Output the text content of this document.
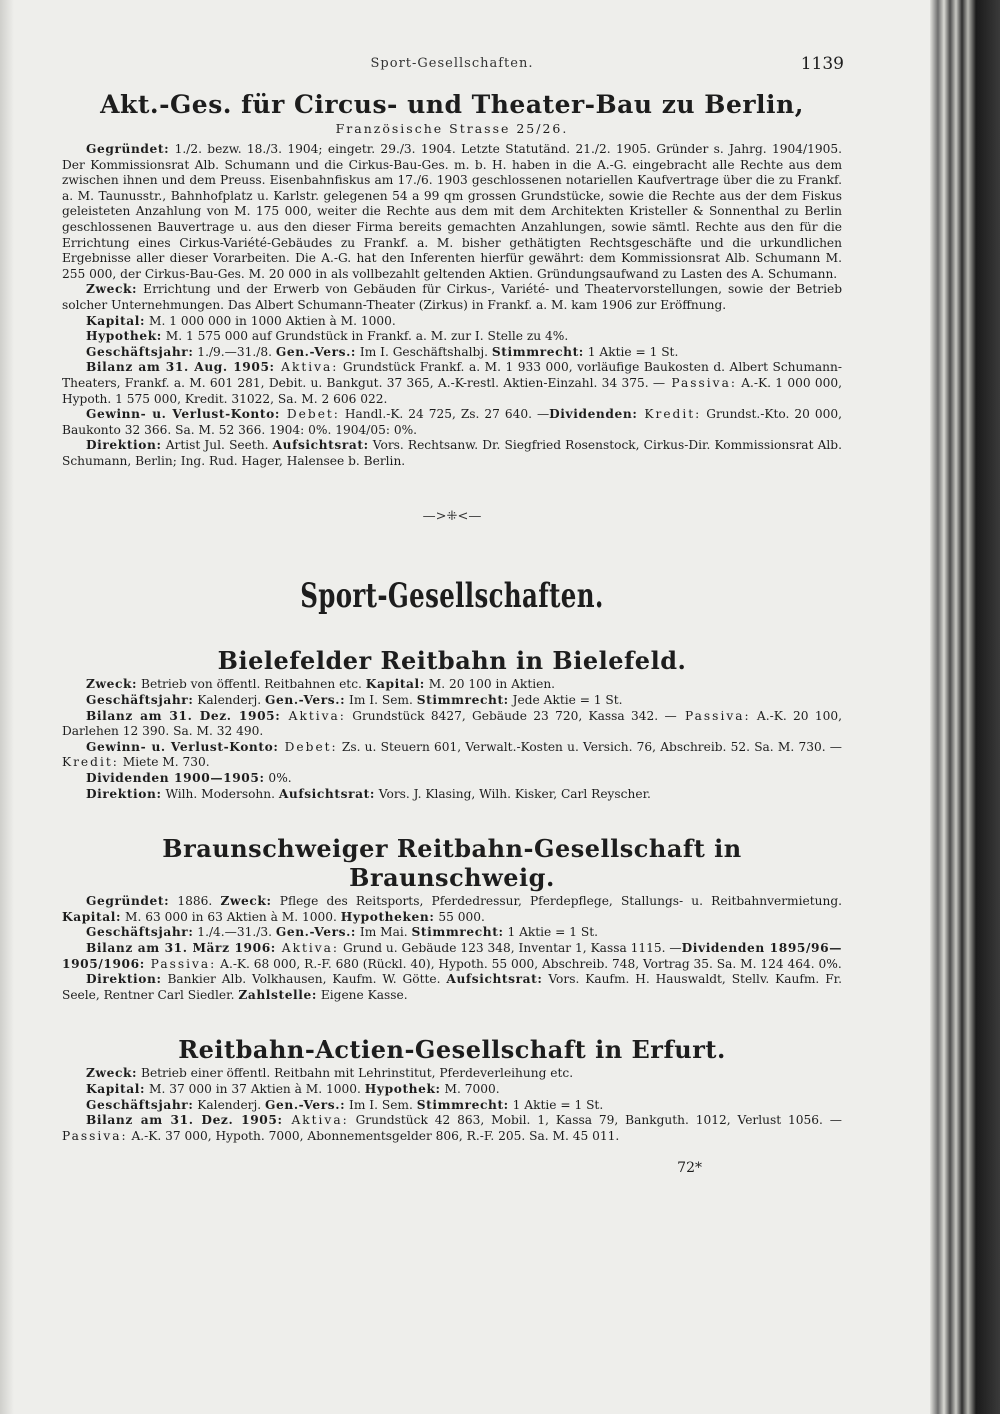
Sport-Gesellschaften.	1139
Akt.-Ges. für Circus- und Theater-Bau zu Berlin,
Französische Strasse 25/26.

Gegründet: 1./2. bezw. 18./3. 1904; eingetr. 29./3. 1904. Letzte Statutänd. 21./2. 1905. Gründer s. Jahrg. 1904/1905. Der Kommissionsrat Alb. Schumann und die Cirkus-Bau-Ges. m. b. H. haben in die A.-G. eingebracht alle Rechte aus dem zwischen ihnen und dem Preuss. Eisenbahnfiskus am 17./6. 1903 geschlossenen notariellen Kaufvertrage über die zu Frankf. a. M. Taunusstr., Bahnhofplatz u. Karlstr. gelegenen 54 a 99 qm grossen Grundstücke, sowie die Rechte aus der dem Fiskus geleisteten Anzahlung von M. 175 000, weiter die Rechte aus dem mit dem Architekten Kristeller & Sonnenthal zu Berlin geschlossenen Bauvertrage u. aus den dieser Firma bereits gemachten Anzahlungen, sowie sämtl. Rechte aus den für die Errichtung eines Cirkus-Variété-Gebäudes zu Frankf. a. M. bisher gethätigten Rechtsgeschäfte und die urkundlichen Ergebnisse aller dieser Vorarbeiten. Die A.-G. hat den Inferenten hierfür gewährt: dem Kommissionsrat Alb. Schumann M. 255 000, der Cirkus-Bau-Ges. M. 20 000 in als vollbezahlt geltenden Aktien. Gründungsaufwand zu Lasten des A. Schumann.

Zweck: Errichtung und der Erwerb von Gebäuden für Cirkus-, Variété- und Theatervorstellungen, sowie der Betrieb solcher Unternehmungen. Das Albert Schumann-Theater (Zirkus) in Frankf. a. M. kam 1906 zur Eröffnung.

Kapital: M. 1 000 000 in 1000 Aktien à M. 1000.

Hypothek: M. 1 575 000 auf Grundstück in Frankf. a. M. zur I. Stelle zu 4%.

Geschäftsjahr: 1./9.—31./8. Gen.-Vers.: Im I. Geschäftshalbj. Stimmrecht: 1 Aktie = 1 St.

Bilanz am 31. Aug. 1905: Aktiva: Grundstück Frankf. a. M. 1 933 000, vorläufige Baukosten d. Albert Schumann-Theaters, Frankf. a. M. 601 281, Debit. u. Bankgut. 37 365, A.-K-restl. Aktien-Einzahl. 34 375. — Passiva: A.-K. 1 000 000, Hypoth. 1 575 000, Kredit. 31022, Sa. M. 2 606 022.

Gewinn- u. Verlust-Konto: Debet: Handl.-K. 24 725, Zs. 27 640. —Dividenden: Kredit: Grundst.-Kto. 20 000, Baukonto 32 366. Sa. M. 52 366. 1904: 0%. 1904/05: 0%.

Direktion: Artist Jul. Seeth. Aufsichtsrat: Vors. Rechtsanw. Dr. Siegfried Rosenstock, Cirkus-Dir. Kommissionsrat Alb. Schumann, Berlin; Ing. Rud. Hager, Halensee b. Berlin.

—>⁜<—
Sport-Gesellschaften.
Bielefelder Reitbahn in Bielefeld.

Zweck: Betrieb von öffentl. Reitbahnen etc. Kapital: M. 20 100 in Aktien.

Geschäftsjahr: Kalenderj. Gen.-Vers.: Im I. Sem. Stimmrecht: Jede Aktie = 1 St.

Bilanz am 31. Dez. 1905: Aktiva: Grundstück 8427, Gebäude 23 720, Kassa 342. — Passiva: A.-K. 20 100, Darlehen 12 390. Sa. M. 32 490.

Gewinn- u. Verlust-Konto: Debet: Zs. u. Steuern 601, Verwalt.-Kosten u. Versich. 76, Abschreib. 52. Sa. M. 730. — Kredit: Miete M. 730.

Dividenden 1900—1905: 0%.

Direktion: Wilh. Modersohn. Aufsichtsrat: Vors. J. Klasing, Wilh. Kisker, Carl Reyscher.

Braunschweiger Reitbahn-Gesellschaft in Braunschweig.

Gegründet: 1886. Zweck: Pflege des Reitsports, Pferdedressur, Pferdepflege, Stallungs- u. Reitbahnvermietung. Kapital: M. 63 000 in 63 Aktien à M. 1000. Hypotheken: 55 000.

Geschäftsjahr: 1./4.—31./3. Gen.-Vers.: Im Mai. Stimmrecht: 1 Aktie = 1 St.

Bilanz am 31. März 1906: Aktiva: Grund u. Gebäude 123 348, Inventar 1, Kassa 1115. —Dividenden 1895/96—1905/1906: Passiva: A.-K. 68 000, R.-F. 680 (Rückl. 40), Hypoth. 55 000, Abschreib. 748, Vortrag 35. Sa. M. 124 464. 0%.

Direktion: Bankier Alb. Volkhausen, Kaufm. W. Götte. Aufsichtsrat: Vors. Kaufm. H. Hauswaldt, Stellv. Kaufm. Fr. Seele, Rentner Carl Siedler. Zahlstelle: Eigene Kasse.

Reitbahn-Actien-Gesellschaft in Erfurt.

Zweck: Betrieb einer öffentl. Reitbahn mit Lehrinstitut, Pferdeverleihung etc.

Kapital: M. 37 000 in 37 Aktien à M. 1000. Hypothek: M. 7000.

Geschäftsjahr: Kalenderj. Gen.-Vers.: Im I. Sem. Stimmrecht: 1 Aktie = 1 St.

Bilanz am 31. Dez. 1905: Aktiva: Grundstück 42 863, Mobil. 1, Kassa 79, Bankguth. 1012, Verlust 1056. — Passiva: A.-K. 37 000, Hypoth. 7000, Abonnementsgelder 806, R.-F. 205. Sa. M. 45 011.

72*
